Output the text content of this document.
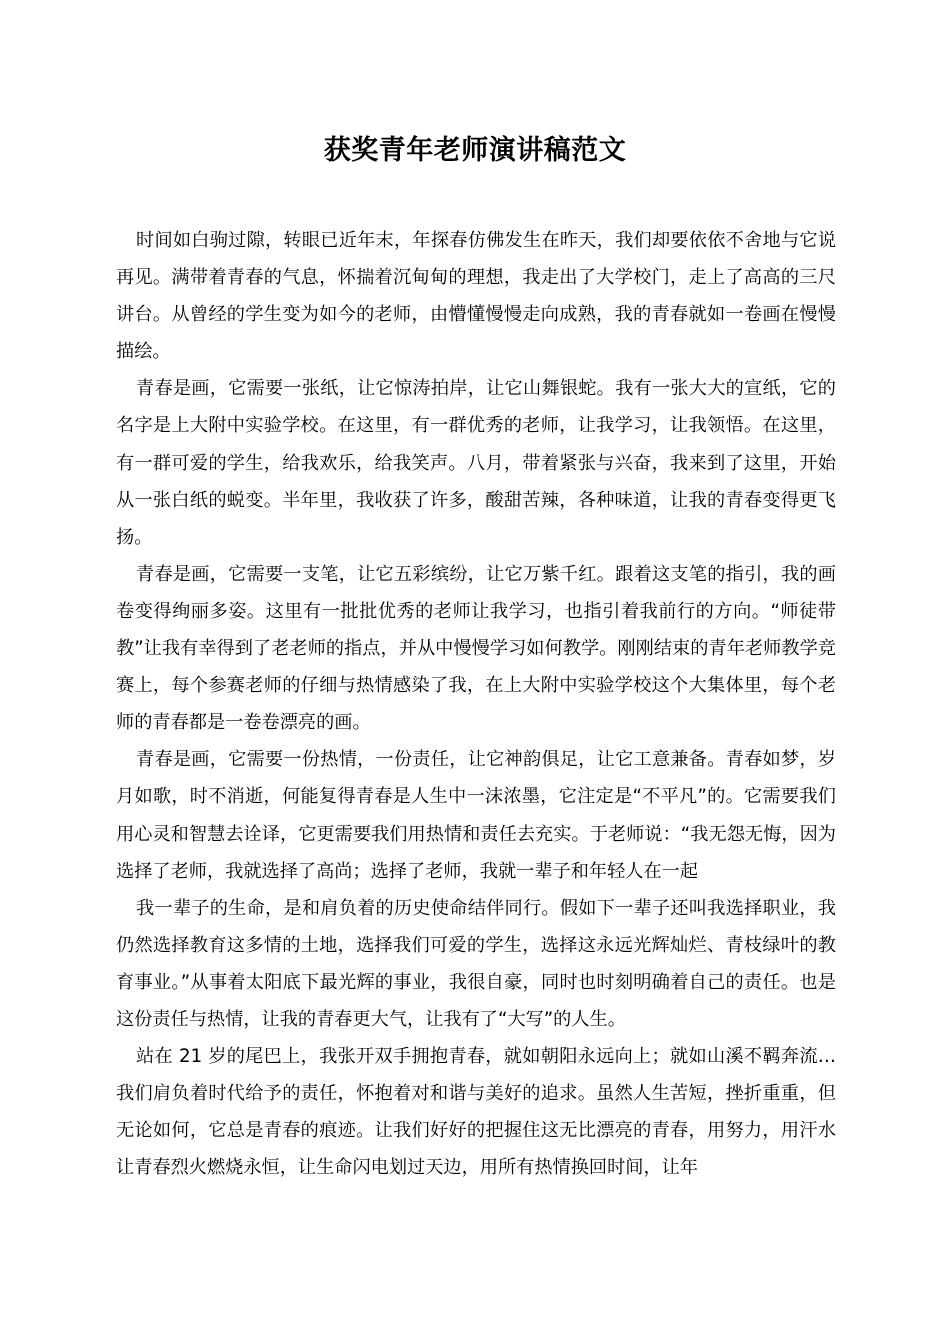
获奖青年老师演讲稿范文

时间如白驹过隙，转眼已近年末，年探春仿佛发生在昨天，我们却要依依不舍地与它说再见。满带着青春的气息，怀揣着沉甸甸的理想，我走出了大学校门，走上了高高的三尺讲台。从曾经的学生变为如今的老师，由懵懂慢慢走向成熟，我的青春就如一卷画在慢慢描绘。

青春是画，它需要一张纸，让它惊涛拍岸，让它山舞银蛇。我有一张大大的宣纸，它的名字是上大附中实验学校。在这里，有一群优秀的老师，让我学习，让我领悟。在这里，有一群可爱的学生，给我欢乐，给我笑声。八月，带着紧张与兴奋，我来到了这里，开始从一张白纸的蜕变。半年里，我收获了许多，酸甜苦辣，各种味道，让我的青春变得更飞扬。

青春是画，它需要一支笔，让它五彩缤纷，让它万紫千红。跟着这支笔的指引，我的画卷变得绚丽多姿。这里有一批批优秀的老师让我学习，也指引着我前行的方向。“师徒带教”让我有幸得到了老老师的指点，并从中慢慢学习如何教学。刚刚结束的青年老师教学竞赛上，每个参赛老师的仔细与热情感染了我，在上大附中实验学校这个大集体里，每个老师的青春都是一卷卷漂亮的画。

青春是画，它需要一份热情，一份责任，让它神韵俱足，让它工意兼备。青春如梦，岁月如歌，时不消逝，何能复得青春是人生中一沫浓墨，它注定是“不平凡”的。它需要我们用心灵和智慧去诠译，它更需要我们用热情和责任去充实。于老师说：“我无怨无悔，因为选择了老师，我就选择了高尚；选择了老师，我就一辈子和年轻人在一起

我一辈子的生命，是和肩负着的历史使命结伴同行。假如下一辈子还叫我选择职业，我仍然选择教育这多情的土地，选择我们可爱的学生，选择这永远光辉灿烂、青枝绿叶的教育事业。”从事着太阳底下最光辉的事业，我很自豪，同时也时刻明确着自己的责任。也是这份责任与热情，让我的青春更大气，让我有了“大写”的人生。

站在 21 岁的尾巴上，我张开双手拥抱青春，就如朝阳永远向上；就如山溪不羁奔流…我们肩负着时代给予的责任，怀抱着对和谐与美好的追求。虽然人生苦短，挫折重重，但无论如何，它总是青春的痕迹。让我们好好的把握住这无比漂亮的青春，用努力，用汗水让青春烈火燃烧永恒，让生命闪电划过天边，用所有热情换回时间，让年
